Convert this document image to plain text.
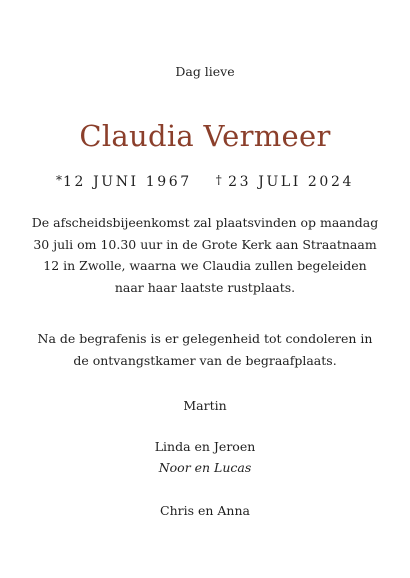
Dag lieve
Claudia Vermeer
*12 JUNI 1967 †  23 JULI 2024
De afscheidsbijeenkomst zal plaatsvinden op maandag 30 juli om 10.30 uur in de Grote Kerk aan Straatnaam 12 in Zwolle, waarna we Claudia zullen begeleiden naar haar laatste rustplaats.
Na de begrafenis is er gelegenheid tot condoleren in de ontvangstkamer van de begraafplaats.
Martin
Linda en Jeroen
Noor en Lucas
Chris en Anna
